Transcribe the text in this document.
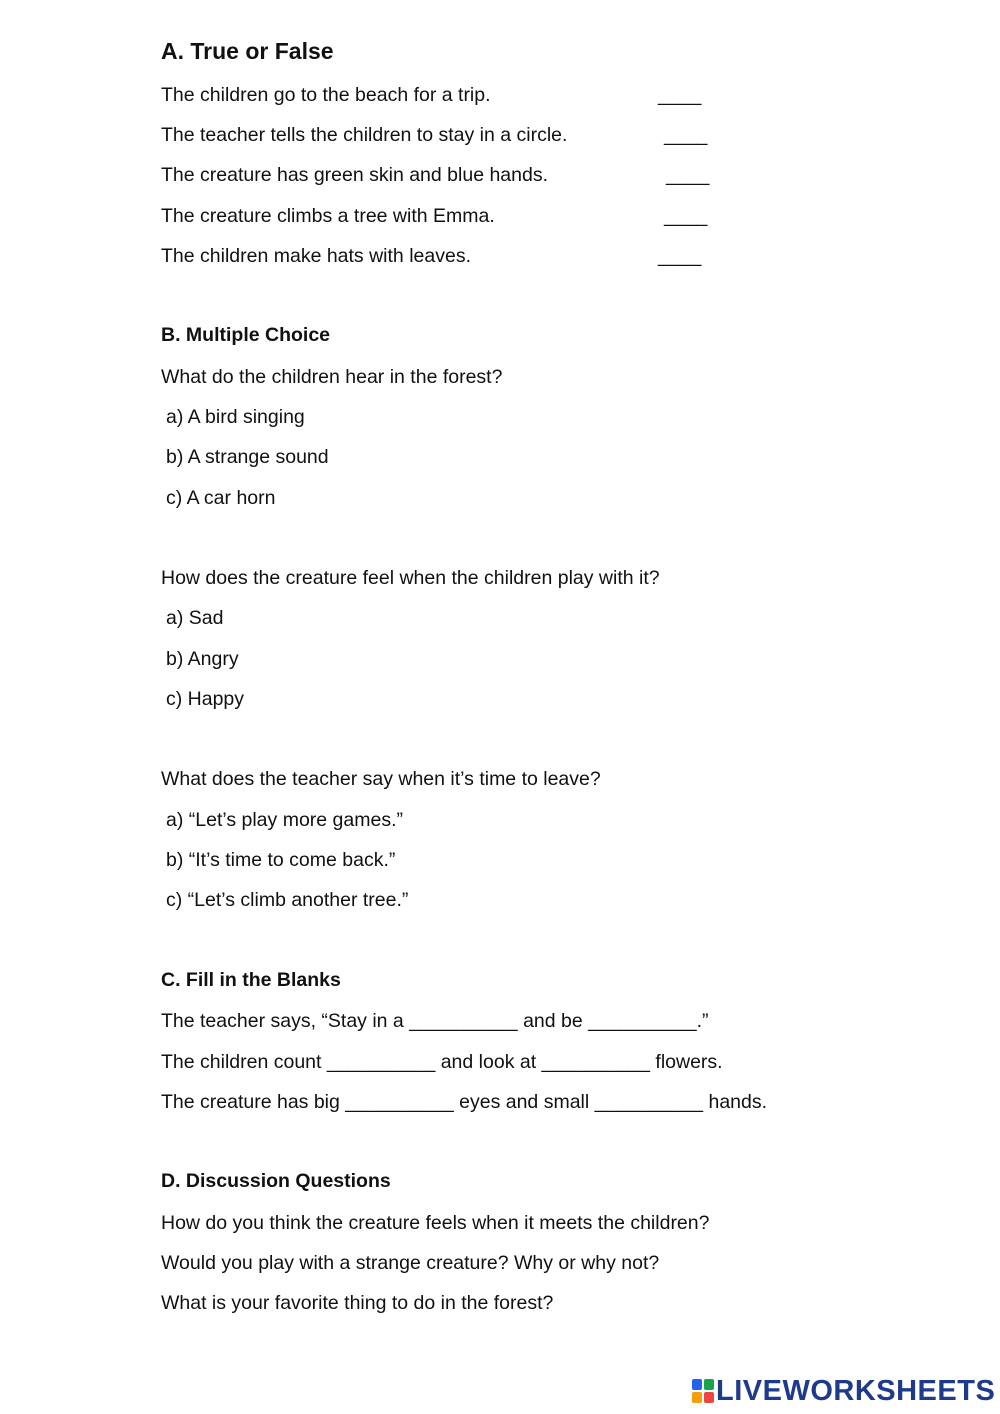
A. True or False
The children go to the beach for a trip.	____
The teacher tells the children to stay in a circle.	____
The creature has green skin and blue hands.	____
The creature climbs a tree with Emma.	____
The children make hats with leaves.	____
B. Multiple Choice
What do the children hear in the forest?
a) A bird singing
b) A strange sound
c) A car horn
How does the creature feel when the children play with it?
a) Sad
b) Angry
c) Happy
What does the teacher say when it’s time to leave?
a) “Let’s play more games.”
b) “It’s time to come back.”
c) “Let’s climb another tree.”
C. Fill in the Blanks
The teacher says, “Stay in a __________ and be __________.”
The children count __________ and look at __________ flowers.
The creature has big __________ eyes and small __________ hands.
D. Discussion Questions
How do you think the creature feels when it meets the children?
Would you play with a strange creature? Why or why not?
What is your favorite thing to do in the forest?
LIVEWORKSHEETS
